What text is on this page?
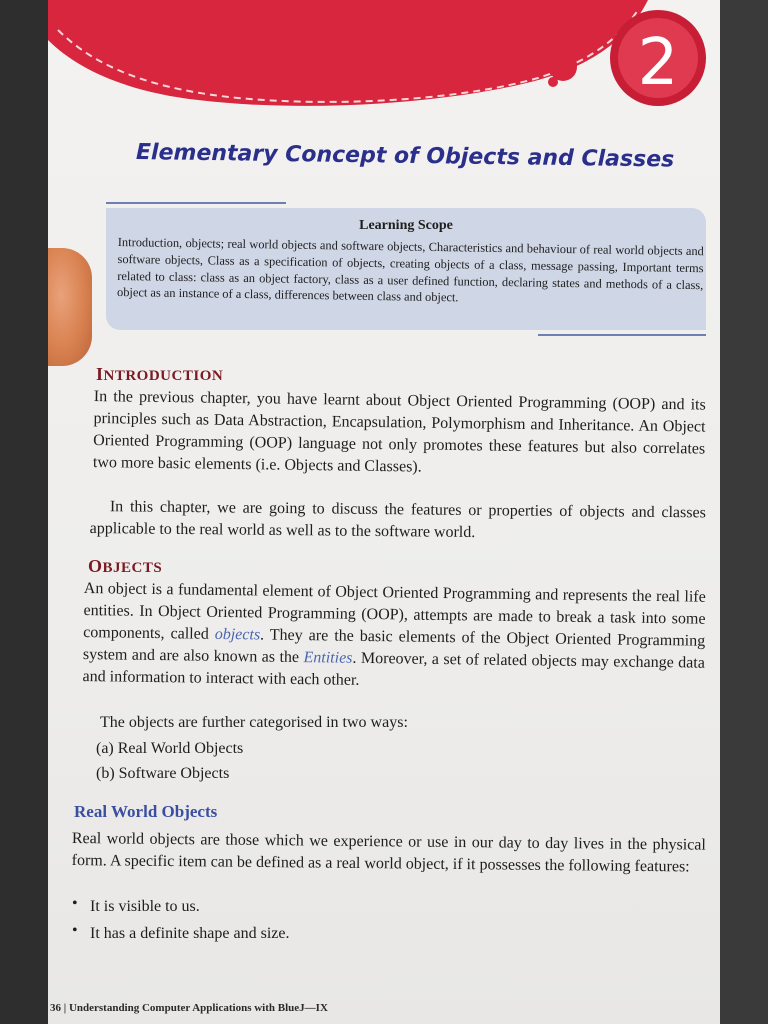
2
Elementary Concept of Objects and Classes
Learning Scope
Introduction, objects; real world objects and software objects, Characteristics and behaviour of real world objects and software objects, Class as a specification of objects, creating objects of a class, message passing, Important terms related to class: class as an object factory, class as a user defined function, declaring states and methods of a class, object as an instance of a class, differences between class and object.
INTRODUCTION
In the previous chapter, you have learnt about Object Oriented Programming (OOP) and its principles such as Data Abstraction, Encapsulation, Polymorphism and Inheritance. An Object Oriented Programming (OOP) language not only promotes these features but also correlates two more basic elements (i.e. Objects and Classes).
In this chapter, we are going to discuss the features or properties of objects and classes applicable to the real world as well as to the software world.
OBJECTS
An object is a fundamental element of Object Oriented Programming and represents the real life entities. In Object Oriented Programming (OOP), attempts are made to break a task into some components, called objects. They are the basic elements of the Object Oriented Programming system and are also known as the Entities. Moreover, a set of related objects may exchange data and information to interact with each other.
The objects are further categorised in two ways:
(a) Real World Objects
(b) Software Objects
Real World Objects
Real world objects are those which we experience or use in our day to day lives in the physical form. A specific item can be defined as a real world object, if it possesses the following features:
• It is visible to us.
• It has a definite shape and size.
36 | Understanding Computer Applications with BlueJ—IX
